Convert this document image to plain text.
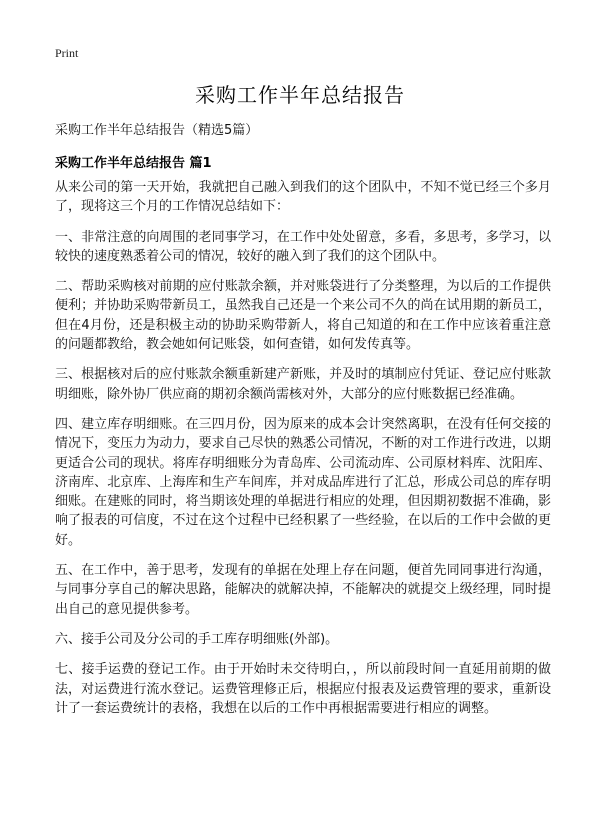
Print
采购工作半年总结报告
采购工作半年总结报告（精选5篇）
采购工作半年总结报告 篇1

从来公司的第一天开始，我就把自己融入到我们的这个团队中，不知不觉已经三个多月了，现将这三个月的工作情况总结如下：

一、非常注意的向周围的老同事学习，在工作中处处留意，多看，多思考，多学习，以较快的速度熟悉着公司的情况，较好的融入到了我们的这个团队中。

二、帮助采购核对前期的应付账款余额，并对账袋进行了分类整理，为以后的工作提供便利；并协助采购带新员工，虽然我自己还是一个来公司不久的尚在试用期的新员工，但在4月份，还是积极主动的协助采购带新人，将自己知道的和在工作中应该着重注意的问题都教给，教会她如何记账袋，如何查错，如何发传真等。

三、根据核对后的应付账款余额重新建产新账，并及时的填制应付凭证、登记应付账款明细账，除外协厂供应商的期初余额尚需核对外，大部分的应付账数据已经准确。

四、建立库存明细账。在三四月份，因为原来的成本会计突然离职，在没有任何交接的情况下，变压力为动力，要求自己尽快的熟悉公司情况，不断的对工作进行改进，以期更适合公司的现状。将库存明细账分为青岛库、公司流动库、公司原材料库、沈阳库、济南库、北京库、上海库和生产车间库，并对成品库进行了汇总，形成公司总的库存明细账。在建账的同时，将当期该处理的单据进行相应的处理，但因期初数据不准确，影响了报表的可信度，不过在这个过程中已经积累了一些经验，在以后的工作中会做的更好。

五、在工作中，善于思考，发现有的单据在处理上存在问题，便首先同同事进行沟通，与同事分享自己的解决思路，能解决的就解决掉，不能解决的就提交上级经理，同时提出自己的意见提供参考。

六、接手公司及分公司的手工库存明细账(外部)。

七、接手运费的登记工作。由于开始时未交待明白，，所以前段时间一直延用前期的做法，对运费进行流水登记。运费管理修正后，根据应付报表及运费管理的要求，重新设计了一套运费统计的表格，我想在以后的工作中再根据需要进行相应的调整。
